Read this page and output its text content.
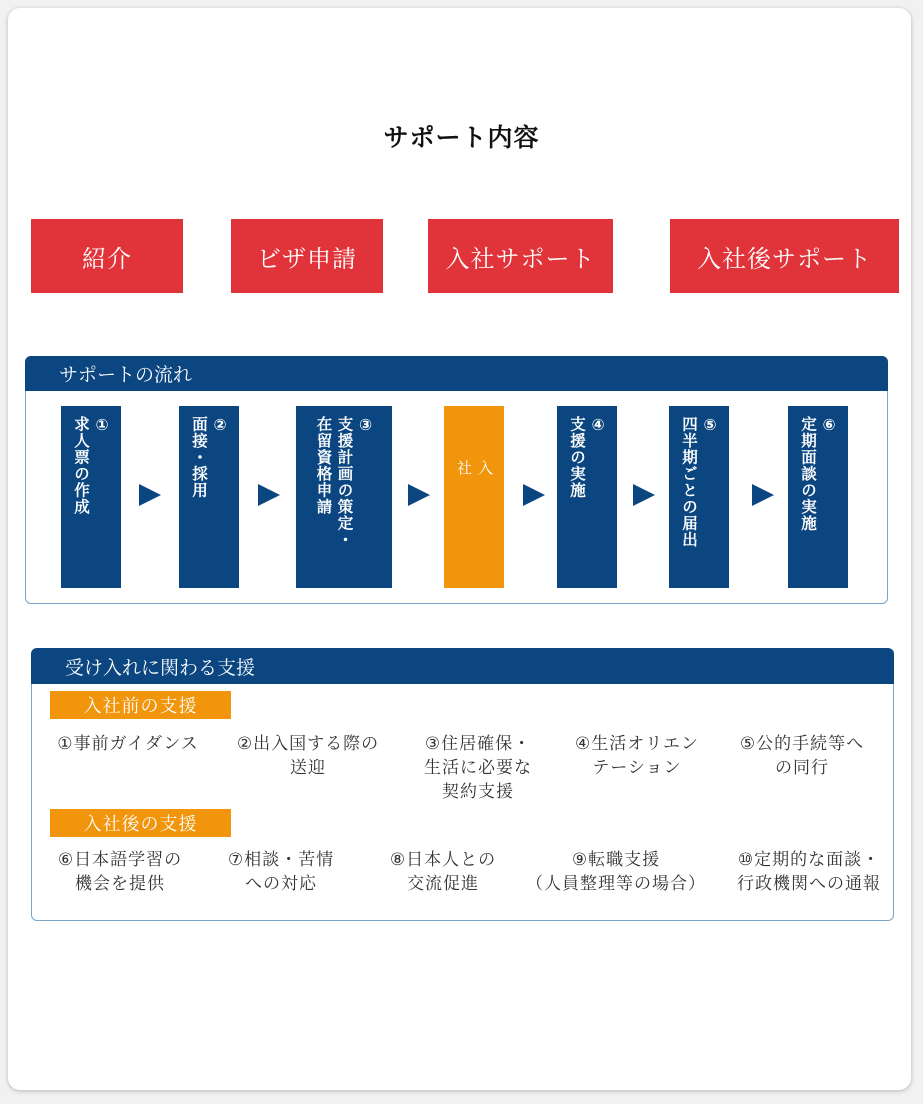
サポート内容
紹介	ビザ申請	入社サポート	入社後サポート
サポートの流れ
①
求人票の作成	②
面接・採用	③
支援計画の策定・
在留資格申請	入
社
④
支援の実施	⑤
四半期ごとの届出	⑥
定期面談の実施
受け入れに関わる支援
入社前の支援
①事前ガイダンス	②出入国する際の
送迎
③住居確保・
生活に必要な
契約支援
④生活オリエン
テーション
⑤公的手続等へ
の同行
入社後の支援
⑥日本語学習の
機会を提供
⑦相談・苦情
への対応
⑧日本人との
交流促進
⑨転職支援
（人員整理等の場合）
⑩定期的な面談・
行政機関への通報
